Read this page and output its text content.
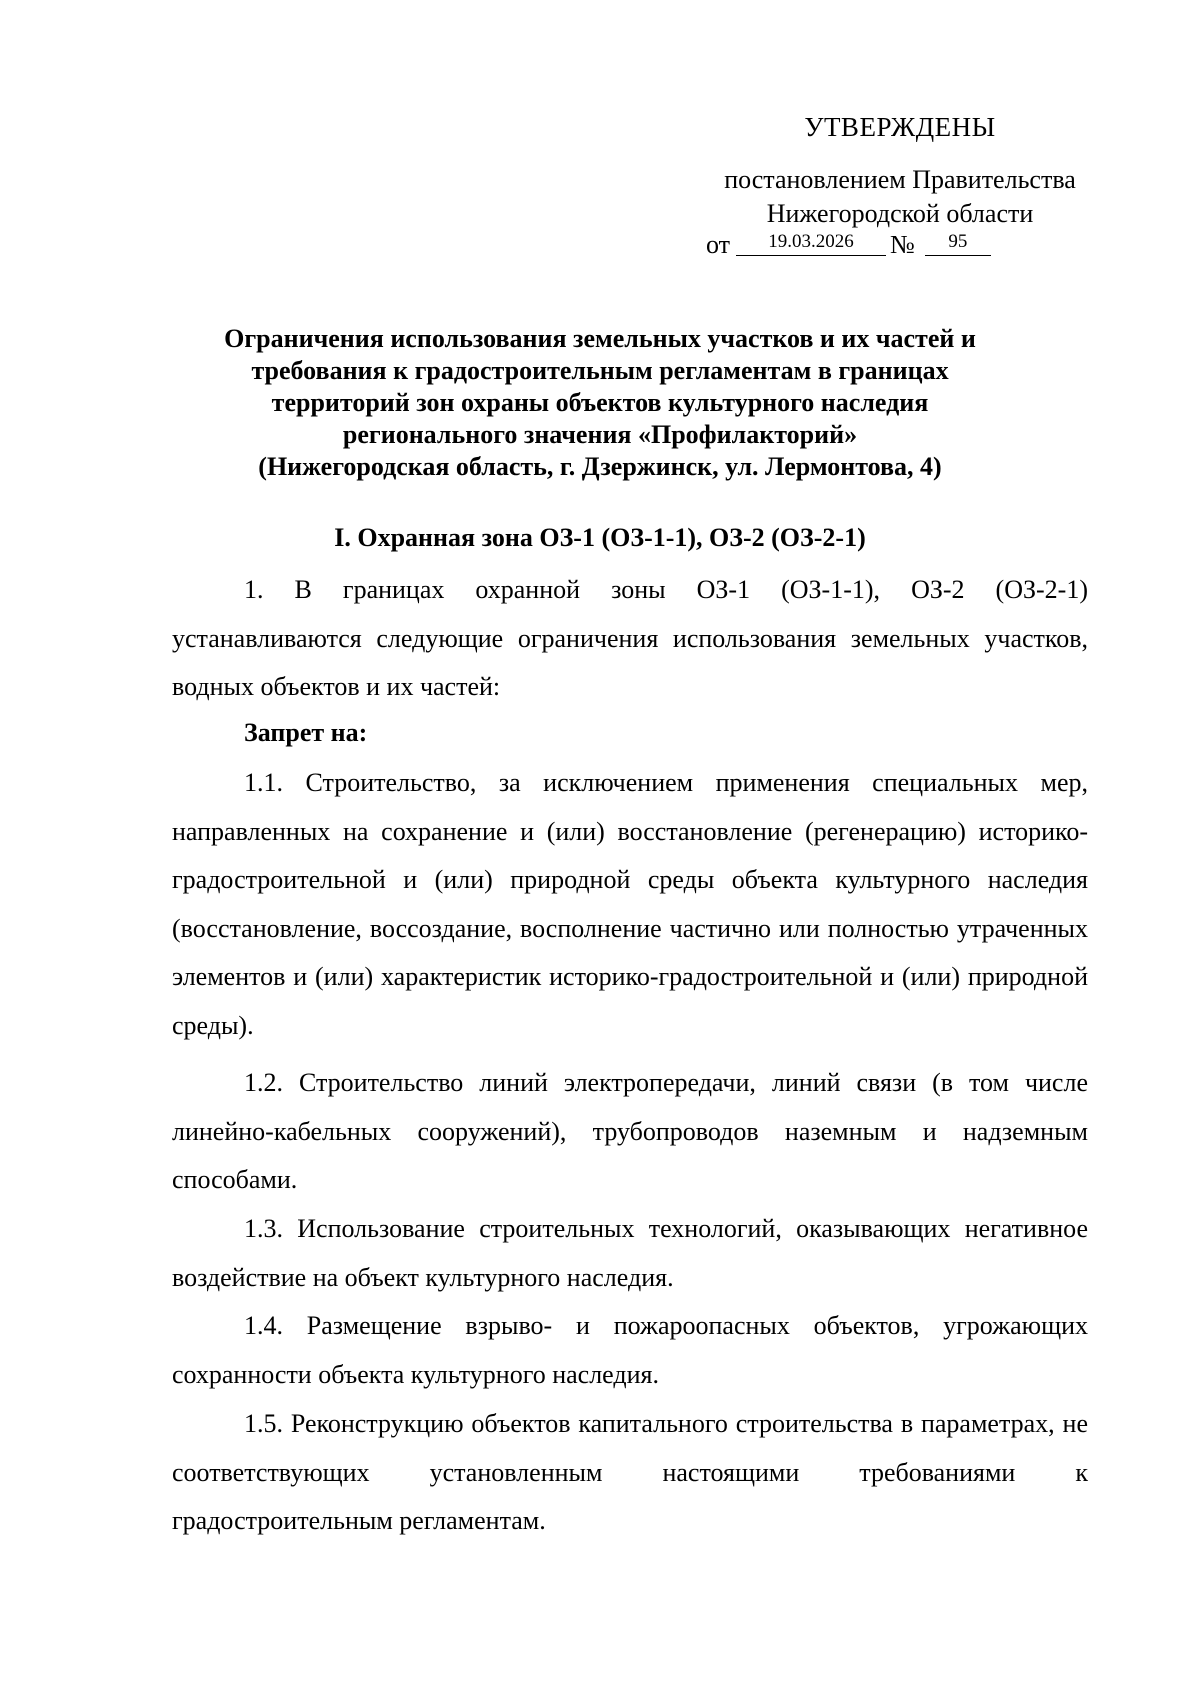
УТВЕРЖДЕНЫ
постановлением Правительства
Нижегородской области
от	19.03.2026	№	95
Ограничения использования земельных участков и их частей и
требования к градостроительным регламентам в границах
территорий зон охраны объектов культурного наследия
регионального значения «Профилакторий»
(Нижегородская область, г. Дзержинск, ул. Лермонтова, 4)
I. Охранная зона ОЗ-1 (ОЗ-1-1), ОЗ-2 (ОЗ-2-1)

1. В границах охранной зоны ОЗ-1 (ОЗ-1-1), ОЗ-2 (ОЗ-2-1) устанавливаются следующие ограничения использования земельных участков, водных объектов и их частей:

Запрет на:

1.1. Строительство, за исключением применения специальных мер, направленных на сохранение и (или) восстановление (регенерацию) историко-градостроительной и (или) природной среды объекта культурного наследия (восстановление, воссоздание, восполнение частично или полностью утраченных элементов и (или) характеристик историко-градостроительной и (или) природной среды).

1.2. Строительство линий электропередачи, линий связи (в том числе линейно-кабельных сооружений), трубопроводов наземным и надземным способами.

1.3. Использование строительных технологий, оказывающих негативное воздействие на объект культурного наследия.

1.4. Размещение взрыво- и пожароопасных объектов, угрожающих сохранности объекта культурного наследия.

1.5. Реконструкцию объектов капитального строительства в параметрах, не соответствующих установленным настоящими требованиями к градостроительным регламентам.
